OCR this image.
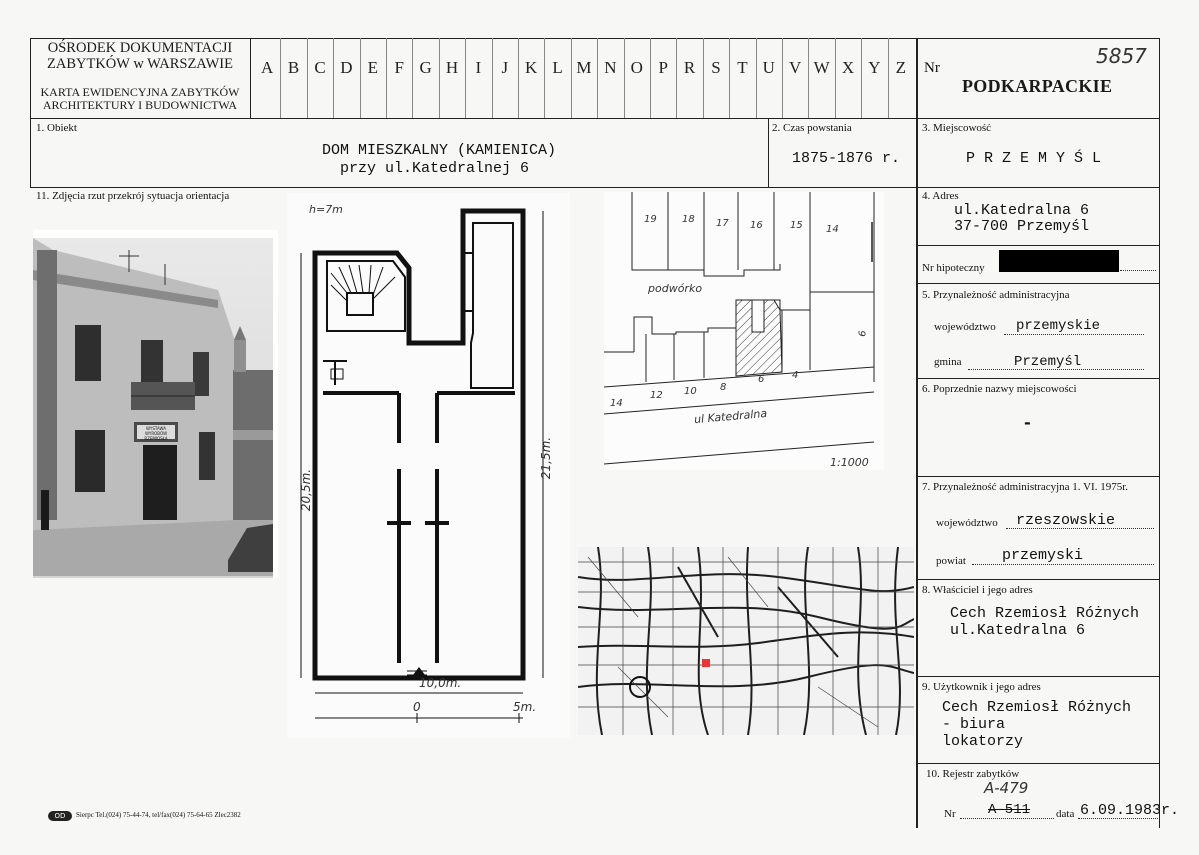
OŚRODEK DOKUMENTACJI
ZABYTKÓW w WARSZAWIE
KARTA EWIDENCYJNA ZABYTKÓW
ARCHITEKTURY I BUDOWNICTWA
A B C D E F G H	I	J K L M N O P R S T U V W X Y Z	Nr	5857
PODKARPACKIE
1. Obiekt
DOM MIESZKALNY (KAMIENICA)
przy ul.Katedralnej 6
2. Czas powstania
1875-1876 r.
3. Miejscowość
P R Z E M Y Ś L
4. Adres
ul.Katedralna 6
37-700 Przemyśl
Nr hipoteczny
5. Przynależność administracyjna
województwo przemyskie
gmina	Przemyśl
6. Poprzednie nazwy miejscowości
-
7. Przynależność administracyjna 1. VI. 1975r.
województwo rzeszowskie
powiat przemyski
8. Właściciel i jego adres
Cech Rzemiosł Różnych
ul.Katedralna 6
9. Użytkownik i jego adres
Cech Rzemiosł Różnych
- biura
lokatorzy
10. Rejestr zabytków
A-479
Nr A-511 data 6.09.1983r.
11. Zdjęcia rzut przekrój sytuacja orientacja
WYSTAWA WYROBÓW
RZEMIOSŁA
h=7m
20,5m.
21,5m.
10,0m.
0	5m.
19	18 17 16	15 14
podwórko
9
14
12 10 8
6	4
ul Katedralna
1:1000
OD	Sierpc Tel.(024) 75-44-74, tel/fax(024) 75-64-65 Zlec2382
